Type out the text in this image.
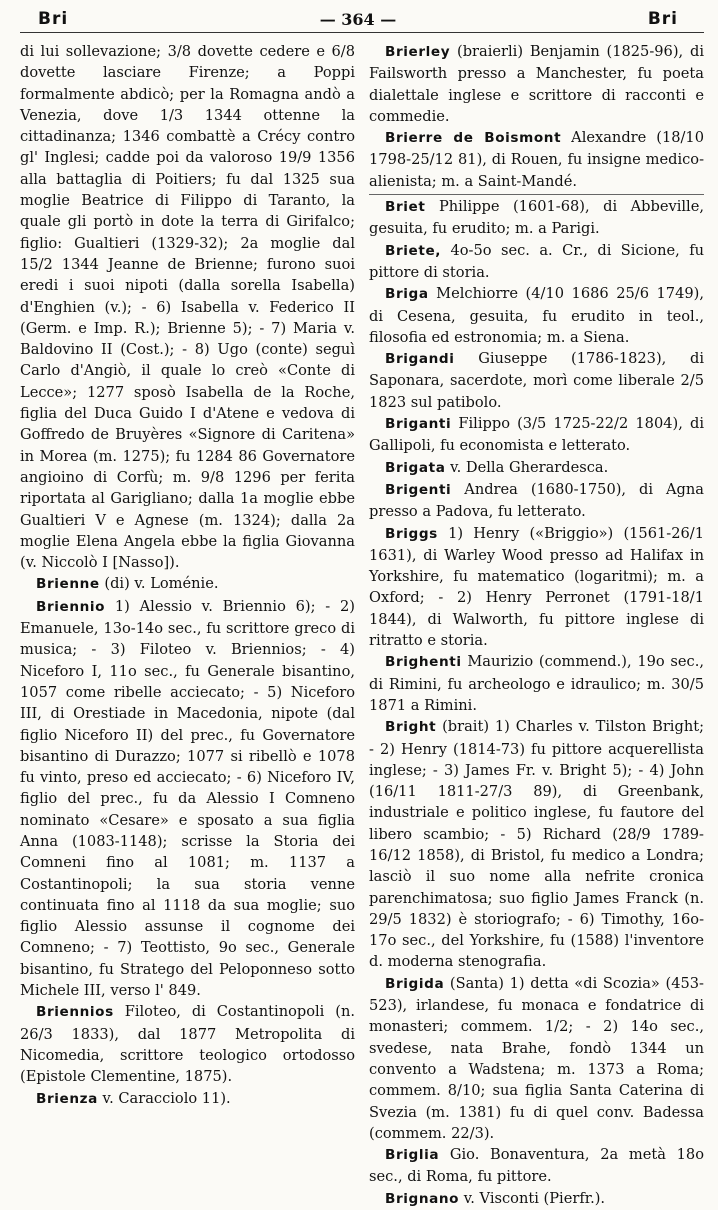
Bri	— 364 —	Bri

di lui sollevazione; 3/8 dovette cedere e 6/8 dovette lasciare Firenze; a Poppi formalmente abdicò; per la Romagna andò a Venezia, dove 1/3 1344 ottenne la cittadinanza; 1346 combattè a Crécy contro gl' Inglesi; cadde poi da valoroso 19/9 1356 alla battaglia di Poitiers; fu dal 1325 sua moglie Beatrice di Filippo di Taranto, la quale gli portò in dote la terra di Girifalco; figlio: Gualtieri (1329-32); 2a moglie dal 15/2 1344 Jeanne de Brienne; furono suoi eredi i suoi nipoti (dalla sorella Isabella) d'Enghien (v.); - 6) Isabella v. Federico II (Germ. e Imp. R.); Brienne 5); - 7) Maria v. Baldovino II (Cost.); - 8) Ugo (conte) seguì Carlo d'Angiò, il quale lo creò «Conte di Lecce»; 1277 sposò Isabella de la Roche, figlia del Duca Guido I d'Atene e vedova di Goffredo de Bruyères «Signore di Caritena» in Morea (m. 1275); fu 1284 86 Governatore angioino di Corfù; m. 9/8 1296 per ferita riportata al Garigliano; dalla 1a moglie ebbe Gualtieri V e Agnese (m. 1324); dalla 2a moglie Elena Angela ebbe la figlia Giovanna (v. Niccolò I [Nasso]).

Brienne (di) v. Loménie.

Briennio 1) Alessio v. Briennio 6); - 2) Emanuele, 13o-14o sec., fu scrittore greco di musica; - 3) Filoteo v. Briennios; - 4) Niceforo I, 11o sec., fu Generale bisantino, 1057 come ribelle acciecato; - 5) Niceforo III, di Orestiade in Macedonia, nipote (dal figlio Niceforo II) del prec., fu Governatore bisantino di Durazzo; 1077 si ribellò e 1078 fu vinto, preso ed acciecato; - 6) Niceforo IV, figlio del prec., fu da Alessio I Comneno nominato «Cesare» e sposato a sua figlia Anna (1083-1148); scrisse la Storia dei Comneni fino al 1081; m. 1137 a Costantinopoli; la sua storia venne continuata fino al 1118 da sua moglie; suo figlio Alessio assunse il cognome dei Comneno; - 7) Teottisto, 9o sec., Generale bisantino, fu Stratego del Peloponneso sotto Michele III, verso l' 849.

Briennios Filoteo, di Costantinopoli (n. 26/3 1833), dal 1877 Metropolita di Nicomedia, scrittore teologico ortodosso (Epistole Clementine, 1875).

Brienza v. Caracciolo 11).

Brierley (braierli) Benjamin (1825-96), di Failsworth presso a Manchester, fu poeta dialettale inglese e scrittore di racconti e commedie.

Brierre de Boismont Alexandre (18/10 1798-25/12 81), di Rouen, fu insigne medico-alienista; m. a Saint-Mandé.

Briet Philippe (1601-68), di Abbeville, gesuita, fu erudito; m. a Parigi.

Briete, 4o-5o sec. a. Cr., di Sicione, fu pittore di storia.

Briga Melchiorre (4/10 1686 25/6 1749), di Cesena, gesuita, fu erudito in teol., filosofia ed estronomia; m. a Siena.

Brigandi Giuseppe (1786-1823), di Saponara, sacerdote, morì come liberale 2/5 1823 sul patibolo.

Briganti Filippo (3/5 1725-22/2 1804), di Gallipoli, fu economista e letterato.

Brigata v. Della Gherardesca.

Brigenti Andrea (1680-1750), di Agna presso a Padova, fu letterato.

Briggs 1) Henry («Briggio») (1561-26/1 1631), di Warley Wood presso ad Halifax in Yorkshire, fu matematico (logaritmi); m. a Oxford; - 2) Henry Perronet (1791-18/1 1844), di Walworth, fu pittore inglese di ritratto e storia.

Brighenti Maurizio (commend.), 19o sec., di Rimini, fu archeologo e idraulico; m. 30/5 1871 a Rimini.

Bright (brait) 1) Charles v. Tilston Bright; - 2) Henry (1814-73) fu pittore acquerellista inglese; - 3) James Fr. v. Bright 5); - 4) John (16/11 1811-27/3 89), di Greenbank, industriale e politico inglese, fu fautore del libero scambio; - 5) Richard (28/9 1789-16/12 1858), di Bristol, fu medico a Londra; lasciò il suo nome alla nefrite cronica parenchimatosa; suo figlio James Franck (n. 29/5 1832) è storiografo; - 6) Timothy, 16o-17o sec., del Yorkshire, fu (1588) l'inventore d. moderna stenografia.

Brigida (Santa) 1) detta «di Scozia» (453-523), irlandese, fu monaca e fondatrice di monasteri; commem. 1/2; - 2) 14o sec., svedese, nata Brahe, fondò 1344 un convento a Wadstena; m. 1373 a Roma; commem. 8/10; sua figlia Santa Caterina di Svezia (m. 1381) fu di quel conv. Badessa (commem. 22/3).

Briglia Gio. Bonaventura, 2a metà 18o sec., di Roma, fu pittore.

Brignano v. Visconti (Pierfr.).
